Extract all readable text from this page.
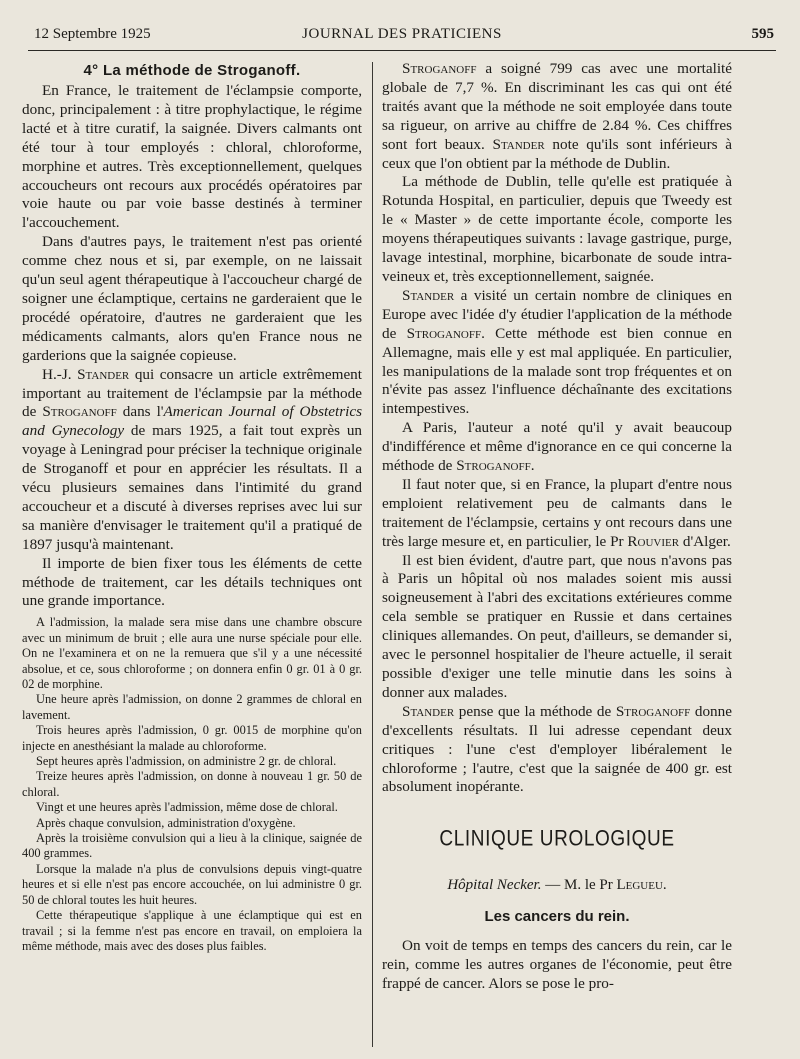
12 Septembre 1925	JOURNAL DES PRATICIENS	595
4° La méthode de Stroganoff.

En France, le traitement de l'éclampsie comporte, donc, principalement : à titre prophylactique, le régime lacté et à titre curatif, la saignée. Divers calmants ont été tour à tour employés : chloral, chloroforme, morphine et autres. Très exceptionnellement, quelques accoucheurs ont recours aux procédés opératoires par voie haute ou par voie basse destinés à terminer l'accouchement.

Dans d'autres pays, le traitement n'est pas orienté comme chez nous et si, par exemple, on ne laissait qu'un seul agent thérapeutique à l'accoucheur chargé de soigner une éclamptique, certains ne garderaient que le procédé opératoire, d'autres ne garderaient que les médicaments calmants, alors qu'en France nous ne garderions que la saignée copieuse.

H.-J. Stander qui consacre un article extrêmement important au traitement de l'éclampsie par la méthode de Stroganoff dans l'American Journal of Obstetrics and Gynecology de mars 1925, a fait tout exprès un voyage à Leningrad pour préciser la technique originale de Stroganoff et pour en apprécier les résultats. Il a vécu plusieurs semaines dans l'intimité du grand accoucheur et a discuté à diverses reprises avec lui sur sa manière d'envisager le traitement qu'il a pratiqué de 1897 jusqu'à maintenant.

Il importe de bien fixer tous les éléments de cette méthode de traitement, car les détails techniques ont une grande importance.

A l'admission, la malade sera mise dans une chambre obscure avec un minimum de bruit ; elle aura une nurse spéciale pour elle. On ne l'examinera et on ne la remuera que s'il y a une nécessité absolue, et ce, sous chloroforme ; on donnera enfin 0 gr. 01 à 0 gr. 02 de morphine.

Une heure après l'admission, on donne 2 grammes de chloral en lavement.

Trois heures après l'admission, 0 gr. 0015 de morphine qu'on injecte en anesthésiant la malade au chloroforme.

Sept heures après l'admission, on administre 2 gr. de chloral.

Treize heures après l'admission, on donne à nouveau 1 gr. 50 de chloral.

Vingt et une heures après l'admission, même dose de chloral.

Après chaque convulsion, administration d'oxygène.

Après la troisième convulsion qui a lieu à la clinique, saignée de 400 grammes.

Lorsque la malade n'a plus de convulsions depuis vingt-quatre heures et si elle n'est pas encore accouchée, on lui administre 0 gr. 50 de chloral toutes les huit heures.

Cette thérapeutique s'applique à une éclamptique qui est en travail ; si la femme n'est pas encore en travail, on emploiera la même méthode, mais avec des doses plus faibles.

Stroganoff a soigné 799 cas avec une mortalité globale de 7,7 %. En discriminant les cas qui ont été traités avant que la méthode ne soit employée dans toute sa rigueur, on arrive au chiffre de 2.84 %. Ces chiffres sont fort beaux. Stander note qu'ils sont inférieurs à ceux que l'on obtient par la méthode de Dublin.

La méthode de Dublin, telle qu'elle est pratiquée à Rotunda Hospital, en particulier, depuis que Tweedy est le « Master » de cette importante école, comporte les moyens thérapeutiques suivants : lavage gastrique, purge, lavage intestinal, morphine, bicarbonate de soude intra-veineux et, très exceptionnellement, saignée.

Stander a visité un certain nombre de cliniques en Europe avec l'idée d'y étudier l'application de la méthode de Stroganoff. Cette méthode est bien connue en Allemagne, mais elle y est mal appliquée. En particulier, les manipulations de la malade sont trop fréquentes et on n'évite pas assez l'influence déchaînante des excitations intempestives.

A Paris, l'auteur a noté qu'il y avait beaucoup d'indifférence et même d'ignorance en ce qui concerne la méthode de Stroganoff.

Il faut noter que, si en France, la plupart d'entre nous emploient relativement peu de calmants dans le traitement de l'éclampsie, certains y ont recours dans une très large mesure et, en particulier, le Pr Rouvier d'Alger.

Il est bien évident, d'autre part, que nous n'avons pas à Paris un hôpital où nos malades soient mis aussi soigneusement à l'abri des excitations extérieures comme cela semble se pratiquer en Russie et dans certaines cliniques allemandes. On peut, d'ailleurs, se demander si, avec le personnel hospitalier de l'heure actuelle, il serait possible d'exiger une telle minutie dans les soins à donner aux malades.

Stander pense que la méthode de Stroganoff donne d'excellents résultats. Il lui adresse cependant deux critiques : l'une c'est d'employer libéralement le chloroforme ; l'autre, c'est que la saignée de 400 gr. est absolument inopérante.

CLINIQUE UROLOGIQUE

Hôpital Necker. — M. le Pr Legueu.

Les cancers du rein.

On voit de temps en temps des cancers du rein, car le rein, comme les autres organes de l'économie, peut être frappé de cancer. Alors se pose le pro-
